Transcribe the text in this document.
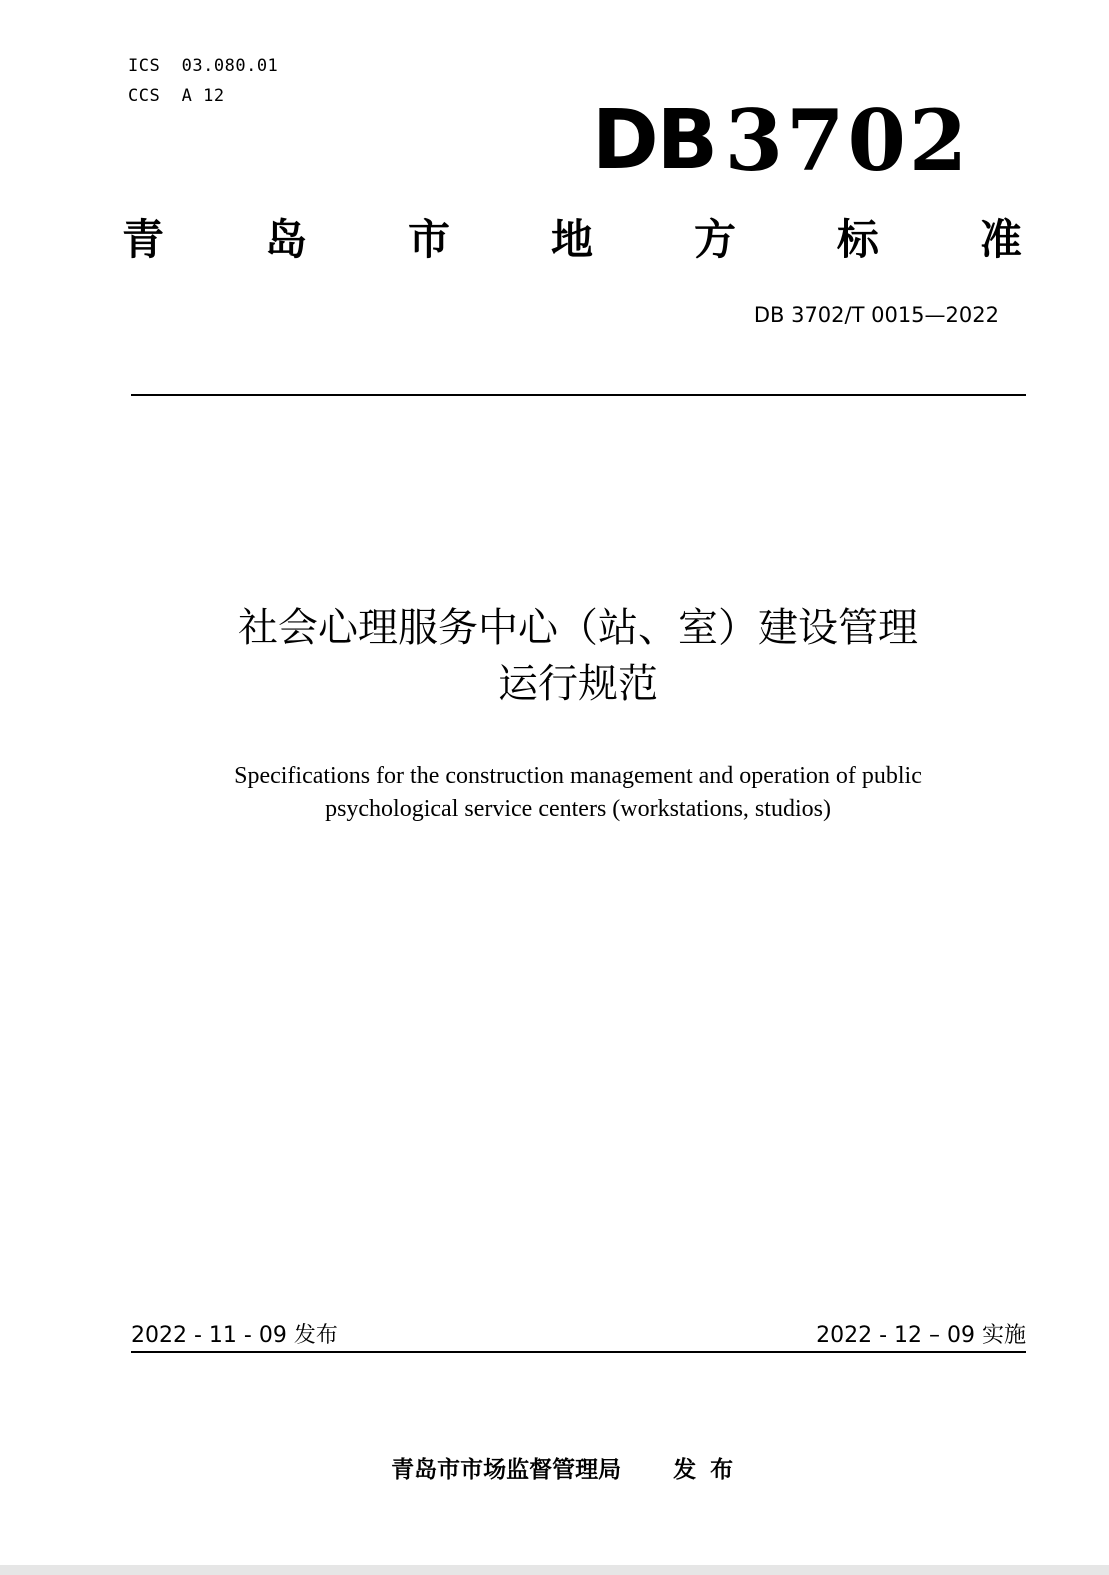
ICS  03.080.01
CCS  A 12	DB 3702
青 岛 市 地 方 标 准
DB 3702/T 0015—2022
社会心理服务中心（站、室）建设管理
运行规范
Specifications for the construction management and operation of public
psychological service centers (workstations, studios)
2022 - 11 - 09 发布	2022 - 12 – 09 实施

青岛市市场监督管理局 发布
